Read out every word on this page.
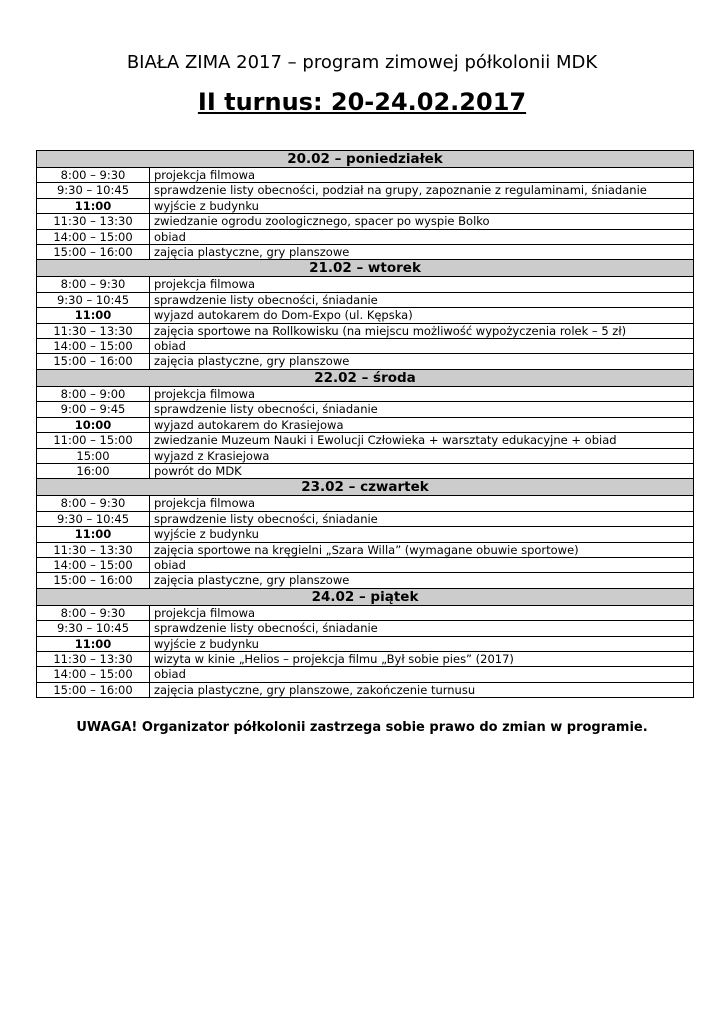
BIAŁA ZIMA 2017 – program zimowej półkolonii MDK
II turnus: 20-24.02.2017
20.02 – poniedziałek	
8:00 – 9:30	projekcja filmowa
9:30 – 10:45	sprawdzenie listy obecności, podział na grupy, zapoznanie z regulaminami, śniadanie
11:00	wyjście z budynku
11:30 – 13:30	zwiedzanie ogrodu zoologicznego, spacer po wyspie Bolko
14:00 – 15:00	obiad
15:00 – 16:00	zajęcia plastyczne, gry planszowe
21.02 – wtorek	
8:00 – 9:30	projekcja filmowa
9:30 – 10:45	sprawdzenie listy obecności, śniadanie
11:00	wyjazd autokarem do Dom-Expo (ul. Kępska)
11:30 – 13:30	zajęcia sportowe na Rollkowisku (na miejscu możliwość wypożyczenia rolek – 5 zł)
14:00 – 15:00	obiad
15:00 – 16:00	zajęcia plastyczne, gry planszowe
22.02 – środa	
8:00 – 9:00	projekcja filmowa
9:00 – 9:45	sprawdzenie listy obecności, śniadanie
10:00	wyjazd autokarem do Krasiejowa
11:00 – 15:00	zwiedzanie Muzeum Nauki i Ewolucji Człowieka + warsztaty edukacyjne + obiad
15:00	wyjazd z Krasiejowa
16:00	powrót do MDK
23.02 – czwartek	
8:00 – 9:30	projekcja filmowa
9:30 – 10:45	sprawdzenie listy obecności, śniadanie
11:00	wyjście z budynku
11:30 – 13:30	zajęcia sportowe na kręgielni „Szara Willa” (wymagane obuwie sportowe)
14:00 – 15:00	obiad
15:00 – 16:00	zajęcia plastyczne, gry planszowe
24.02 – piątek	
8:00 – 9:30	projekcja filmowa
9:30 – 10:45	sprawdzenie listy obecności, śniadanie
11:00	wyjście z budynku
11:30 – 13:30	wizyta w kinie „Helios – projekcja filmu „Był sobie pies” (2017)
14:00 – 15:00	obiad
15:00 – 16:00	zajęcia plastyczne, gry planszowe, zakończenie turnusu
UWAGA! Organizator półkolonii zastrzega sobie prawo do zmian w programie.
